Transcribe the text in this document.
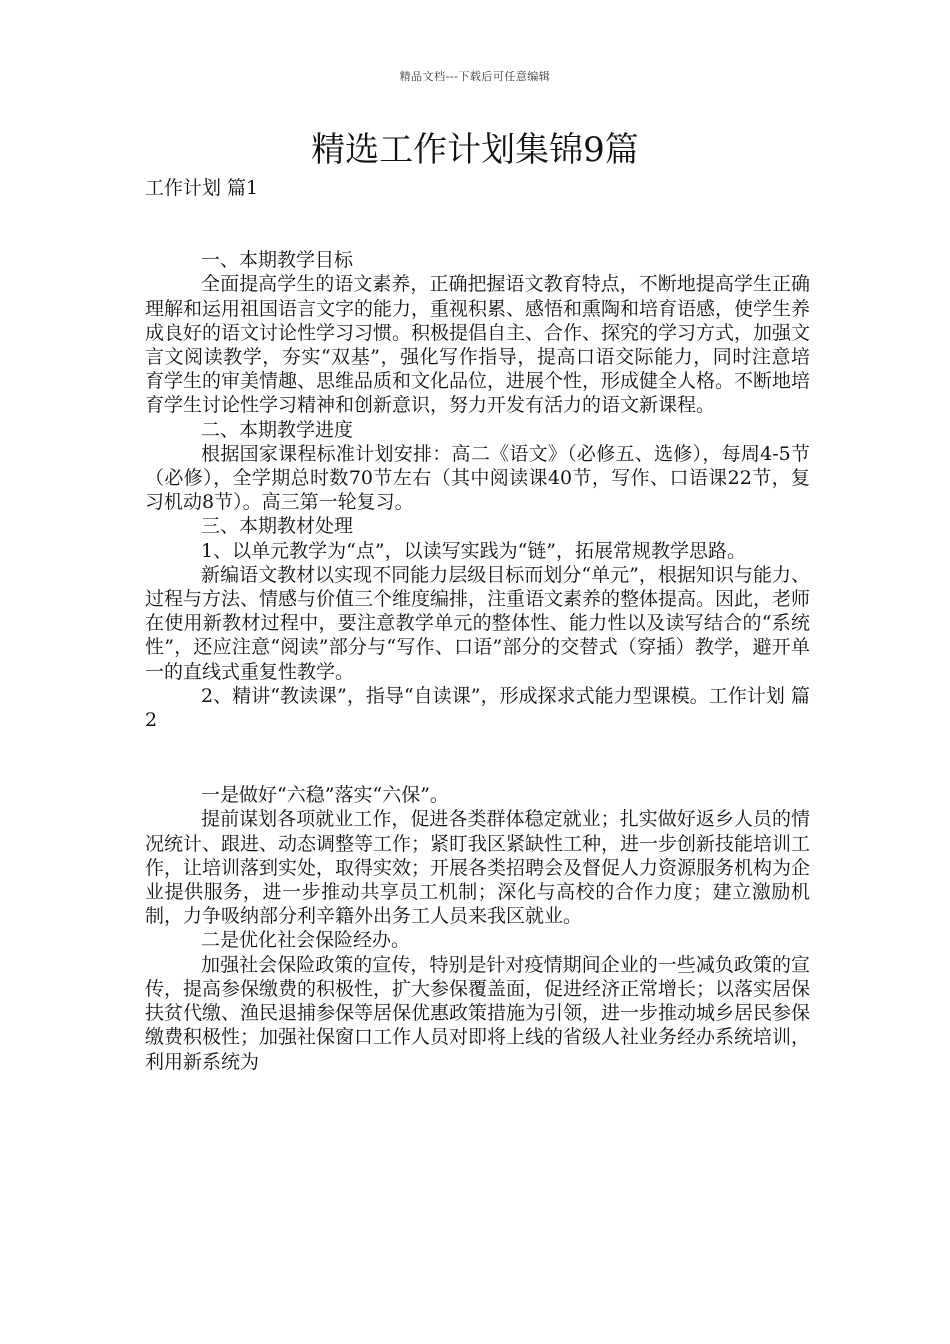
精品文档---下载后可任意编辑
精选工作计划集锦9篇

工作计划 篇1

一、本期教学目标

全面提高学生的语文素养，正确把握语文教育特点，不断地提高学生正确理解和运用祖国语言文字的能力，重视积累、感悟和熏陶和培育语感，使学生养成良好的语文讨论性学习习惯。积极提倡自主、合作、探究的学习方式，加强文言文阅读教学，夯实“双基”，强化写作指导，提高口语交际能力，同时注意培育学生的审美情趣、思维品质和文化品位，进展个性，形成健全人格。不断地培育学生讨论性学习精神和创新意识，努力开发有活力的语文新课程。

二、本期教学进度

根据国家课程标准计划安排：高二《语文》（必修五、选修），每周4-5节（必修），全学期总时数70节左右（其中阅读课40节，写作、口语课22节，复习机动8节）。高三第一轮复习。

三、本期教材处理

1、以单元教学为“点”，以读写实践为“链”，拓展常规教学思路。

新编语文教材以实现不同能力层级目标而划分“单元”，根据知识与能力、过程与方法、情感与价值三个维度编排，注重语文素养的整体提高。因此，老师在使用新教材过程中，要注意教学单元的整体性、能力性以及读写结合的“系统性”，还应注意“阅读”部分与“写作、口语”部分的交替式（穿插）教学，避开单一的直线式重复性教学。

2、精讲“教读课”，指导“自读课”，形成探求式能力型课模。工作计划 篇2

一是做好“六稳”落实“六保”。

提前谋划各项就业工作，促进各类群体稳定就业；扎实做好返乡人员的情况统计、跟进、动态调整等工作；紧盯我区紧缺性工种，进一步创新技能培训工作，让培训落到实处，取得实效；开展各类招聘会及督促人力资源服务机构为企业提供服务，进一步推动共享员工机制；深化与高校的合作力度；建立激励机制，力争吸纳部分利辛籍外出务工人员来我区就业。

二是优化社会保险经办。

加强社会保险政策的宣传，特别是针对疫情期间企业的一些减负政策的宣传，提高参保缴费的积极性，扩大参保覆盖面，促进经济正常增长；以落实居保扶贫代缴、渔民退捕参保等居保优惠政策措施为引领，进一步推动城乡居民参保缴费积极性；加强社保窗口工作人员对即将上线的省级人社业务经办系统培训，利用新系统为
